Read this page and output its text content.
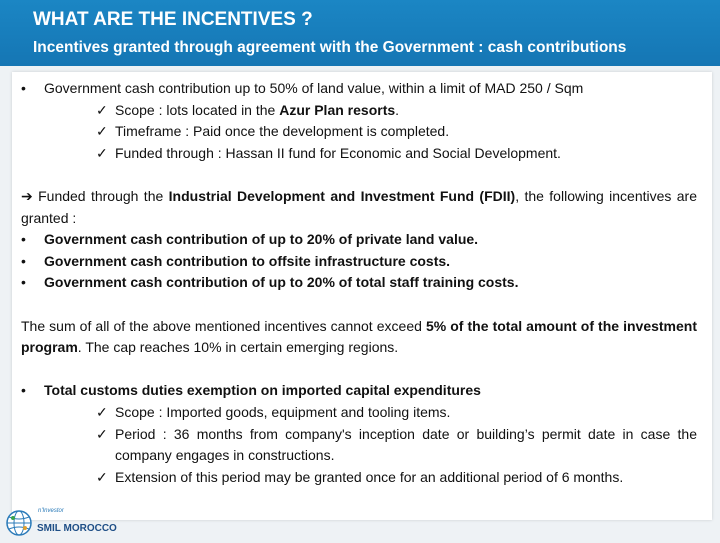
WHAT ARE THE INCENTIVES ?
Incentives granted through agreement with the Government : cash contributions
• Government cash contribution up to 50% of land value, within a limit of MAD 250 / Sqm
✓ Scope : lots located in the Azur Plan resorts.
✓ Timeframe : Paid once the development is completed.
✓ Funded through : Hassan II fund for Economic and Social Development.
➔ Funded through the Industrial Development and Investment Fund (FDII), the following incentives are granted :
• Government cash contribution of up to 20% of private land value.
• Government cash contribution to offsite infrastructure costs.
• Government cash contribution of up to 20% of total staff training costs.
The sum of all of the above mentioned incentives cannot exceed 5% of the total amount of the investment program. The cap reaches 10% in certain emerging regions.
• Total customs duties exemption on imported capital expenditures
✓ Scope : Imported goods, equipment and tooling items.
✓ Period : 36 months from company's inception date or building’s permit date in case the company engages in constructions.
✓ Extension of this period may be granted once for an additional period of 6 months.
n'Investor
SMIL MOROCCO
